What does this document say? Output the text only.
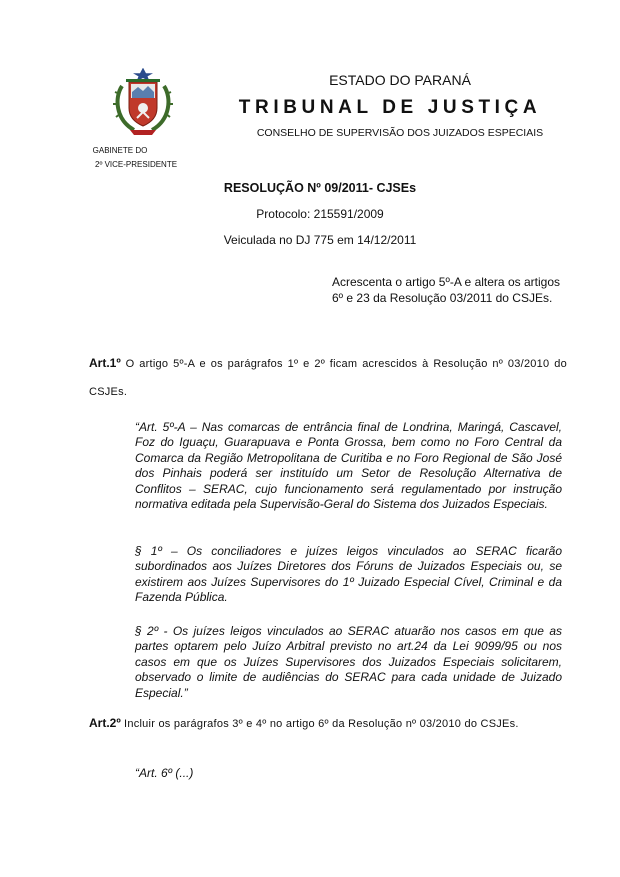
ESTADO DO PARANÁ
TRIBUNAL DE JUSTIÇA
CONSELHO DE SUPERVISÃO DOS JUIZADOS ESPECIAIS
GABINETE DO
2º VICE-PRESIDENTE
RESOLUÇÃO Nº 09/2011- CJSEs
Protocolo: 215591/2009
Veiculada no DJ 775 em 14/12/2011
Acrescenta o artigo 5º-A e altera os artigos 6º e 23 da Resolução 03/2011 do CSJEs.
Art.1º O artigo 5º-A e os parágrafos 1º e 2º ficam acrescidos à Resolução nº 03/2010 do CSJEs.
“Art. 5º-A – Nas comarcas de entrância final de Londrina, Maringá, Cascavel, Foz do Iguaçu, Guarapuava e Ponta Grossa, bem como no Foro Central da Comarca da Região Metropolitana de Curitiba e no Foro Regional de São José dos Pinhais poderá ser instituído um Setor de Resolução Alternativa de Conflitos – SERAC, cujo funcionamento será regulamentado por instrução normativa editada pela Supervisão-Geral do Sistema dos Juizados Especiais.
§ 1º – Os conciliadores e juízes leigos vinculados ao SERAC ficarão subordinados aos Juízes Diretores dos Fóruns de Juizados Especiais ou, se existirem aos Juízes Supervisores do 1º Juizado Especial Cível, Criminal e da Fazenda Pública.
§ 2º - Os juízes leigos vinculados ao SERAC atuarão nos casos em que as partes optarem pelo Juízo Arbitral previsto no art.24 da Lei 9099/95 ou nos casos em que os Juízes Supervisores dos Juizados Especiais solicitarem, observado o limite de audiências do SERAC para cada unidade de Juizado Especial.”
Art.2º Incluir os parágrafos 3º e 4º no artigo 6º da Resolução nº 03/2010 do CSJEs.
“Art. 6º (...)
